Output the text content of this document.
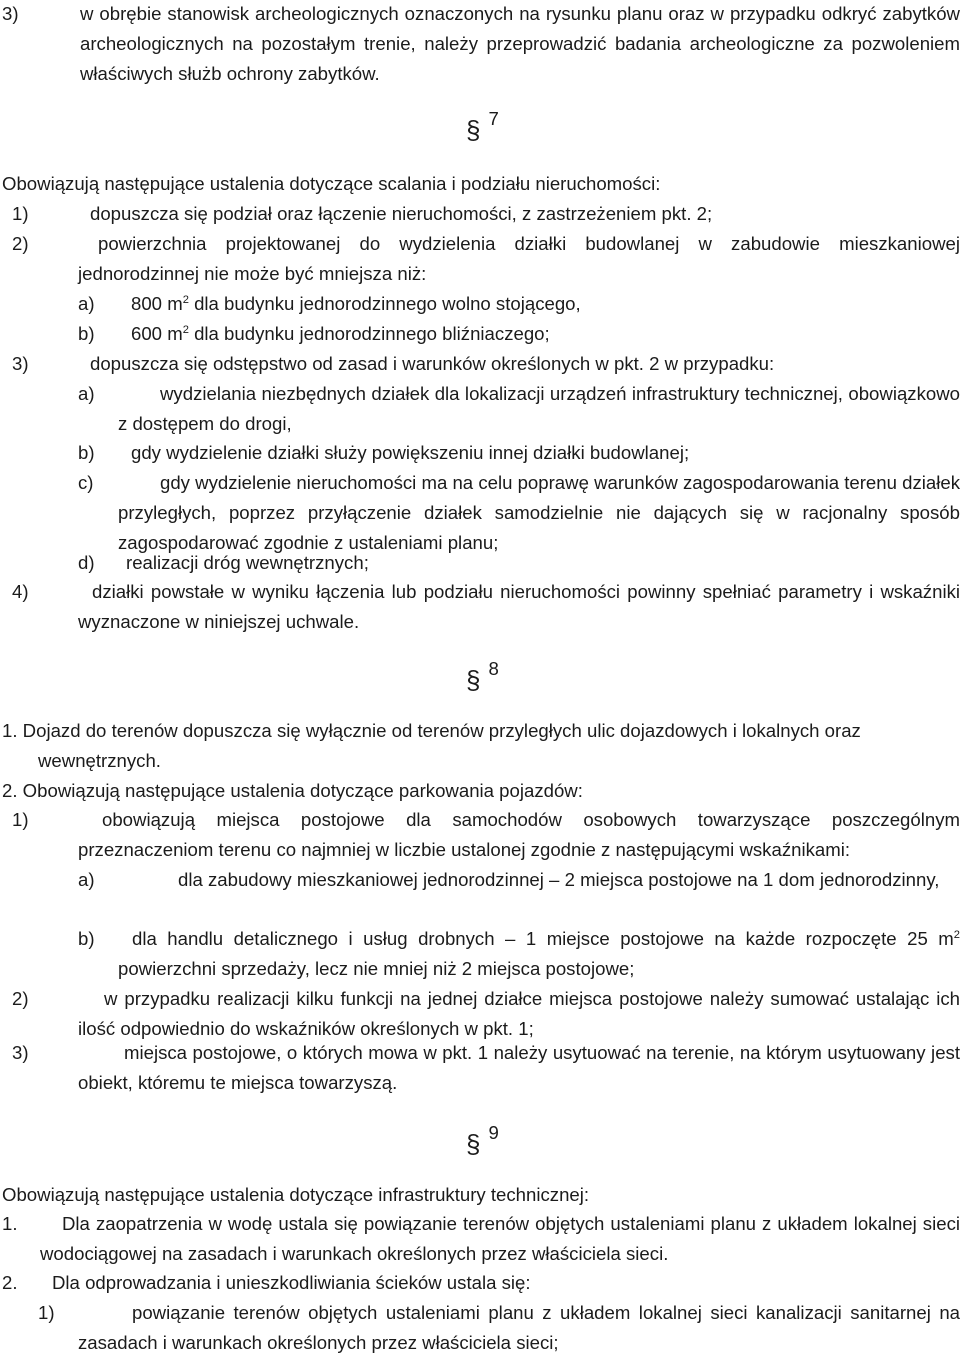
3)	w obrębie stanowisk archeologicznych oznaczonych na rysunku planu oraz w przypadku odkryć zabytków archeologicznych na pozostałym trenie, należy przeprowadzić badania archeologiczne za pozwoleniem właściwych służb ochrony zabytków.
§ 7
Obowiązują następujące ustalenia dotyczące scalania i podziału nieruchomości:
1)	dopuszcza się podział oraz łączenie nieruchomości, z zastrzeżeniem pkt. 2;
2)	powierzchnia projektowanej do wydzielenia działki budowlanej w zabudowie mieszkaniowej jednorodzinnej nie może być mniejsza niż:
a) 800 $m^2$ dla budynku jednorodzinnego wolno stojącego,
b) 600 $m^2$ dla budynku jednorodzinnego bliźniaczego;
3)	dopuszcza się odstępstwo od zasad i warunków określonych w pkt. 2 w przypadku:
a)	wydzielania niezbędnych działek dla lokalizacji urządzeń infrastruktury technicznej, obowiązkowo z dostępem do drogi,
b) gdy wydzielenie działki służy powiększeniu innej działki budowlanej;
c)	gdy wydzielenie nieruchomości ma na celu poprawę warunków zagospodarowania terenu działek przyległych, poprzez przyłączenie działek samodzielnie nie dających się w racjonalny sposób zagospodarować zgodnie z ustaleniami planu;
d) realizacji dróg wewnętrznych;
4)	działki powstałe w wyniku łączenia lub podziału nieruchomości powinny spełniać parametry i wskaźniki wyznaczone w niniejszej uchwale.
§ 8
1. Dojazd do terenów dopuszcza się wyłącznie od terenów przyległych ulic dojazdowych i lokalnych oraz wewnętrznych.
2. Obowiązują następujące ustalenia dotyczące parkowania pojazdów:
1)	obowiązują miejsca postojowe dla samochodów osobowych towarzyszące poszczególnym przeznaczeniom terenu co najmniej w liczbie ustalonej zgodnie z następującymi wskaźnikami:
a)	dla zabudowy mieszkaniowej jednorodzinnej – 2 miejsca postojowe na 1 dom jednorodzinny,
b) dla handlu detalicznego i usług drobnych – 1 miejsce postojowe na każde rozpoczęte 25 $m^2$ powierzchni sprzedaży, lecz nie mniej niż 2 miejsca postojowe;
2)	w przypadku realizacji kilku funkcji na jednej działce miejsca postojowe należy sumować ustalając ich ilość odpowiednio do wskaźników określonych w pkt. 1;
3)	miejsca postojowe, o których mowa w pkt. 1 należy usytuować na terenie, na którym usytuowany jest obiekt, któremu te miejsca towarzyszą.
§ 9
Obowiązują następujące ustalenia dotyczące infrastruktury technicznej:
1. Dla zaopatrzenia w wodę ustala się powiązanie terenów objętych ustaleniami planu z układem lokalnej sieci wodociągowej na zasadach i warunkach określonych przez właściciela sieci.
2. Dla odprowadzania i unieszkodliwiania ścieków ustala się:
1)	powiązanie terenów objętych ustaleniami planu z układem lokalnej sieci kanalizacji sanitarnej na zasadach i warunkach określonych przez właściciela sieci;
